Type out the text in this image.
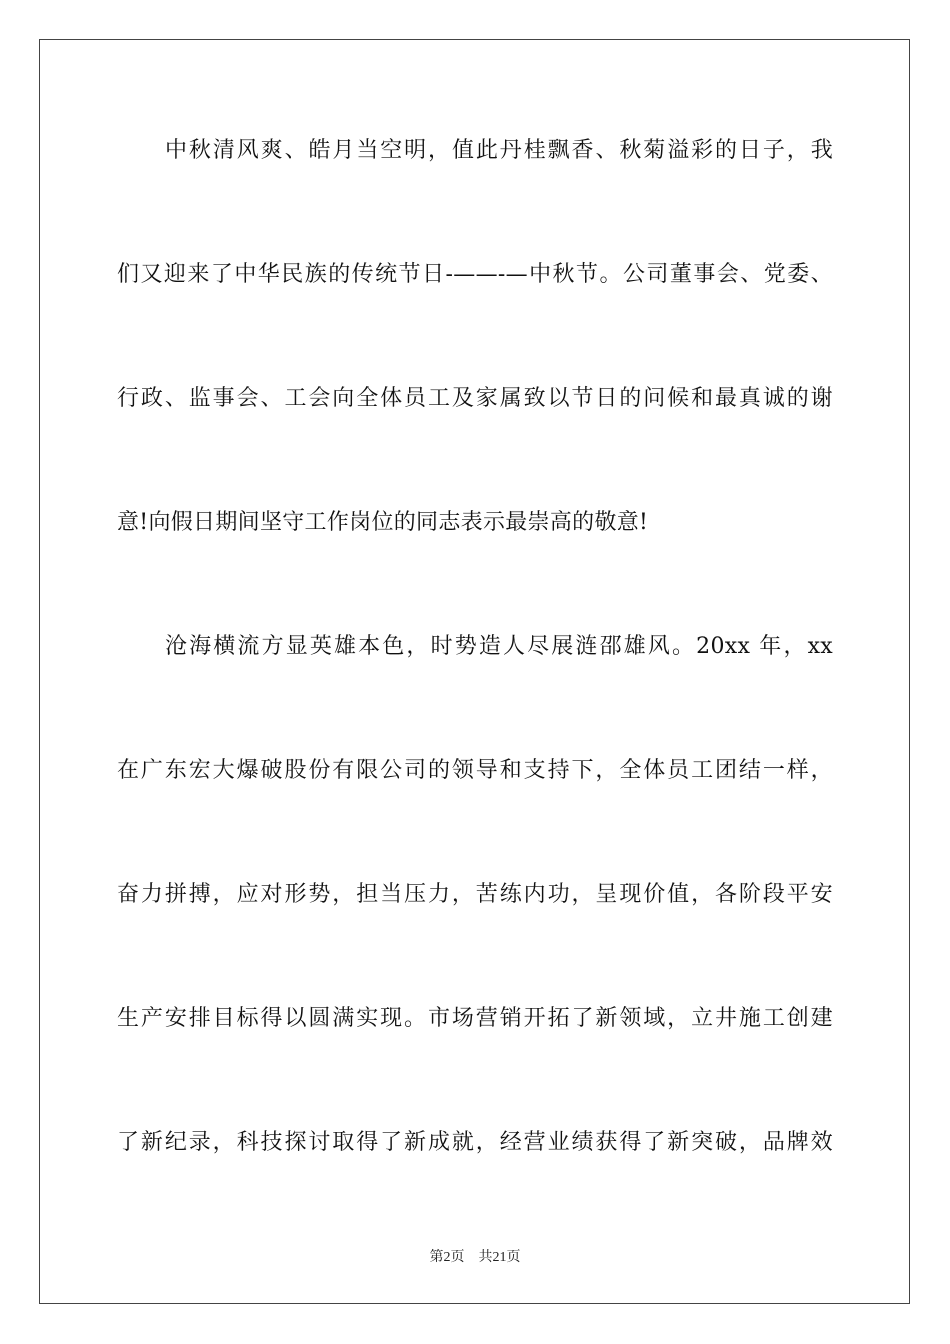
中秋清风爽、皓月当空明，值此丹桂飘香、秋菊溢彩的日子，我
们又迎来了中华民族的传统节日-——-—中秋节。公司董事会、党委、
行政、监事会、工会向全体员工及家属致以节日的问候和最真诚的谢
意!向假日期间坚守工作岗位的同志表示最崇高的敬意!
沧海横流方显英雄本色，时势造人尽展涟邵雄风。20xx 年，xx
在广东宏大爆破股份有限公司的领导和支持下，全体员工团结一样，
奋力拼搏，应对形势，担当压力，苦练内功，呈现价值，各阶段平安
生产安排目标得以圆满实现。市场营销开拓了新领域，立井施工创建
了新纪录，科技探讨取得了新成就，经营业绩获得了新突破，品牌效
第2页 共21页
